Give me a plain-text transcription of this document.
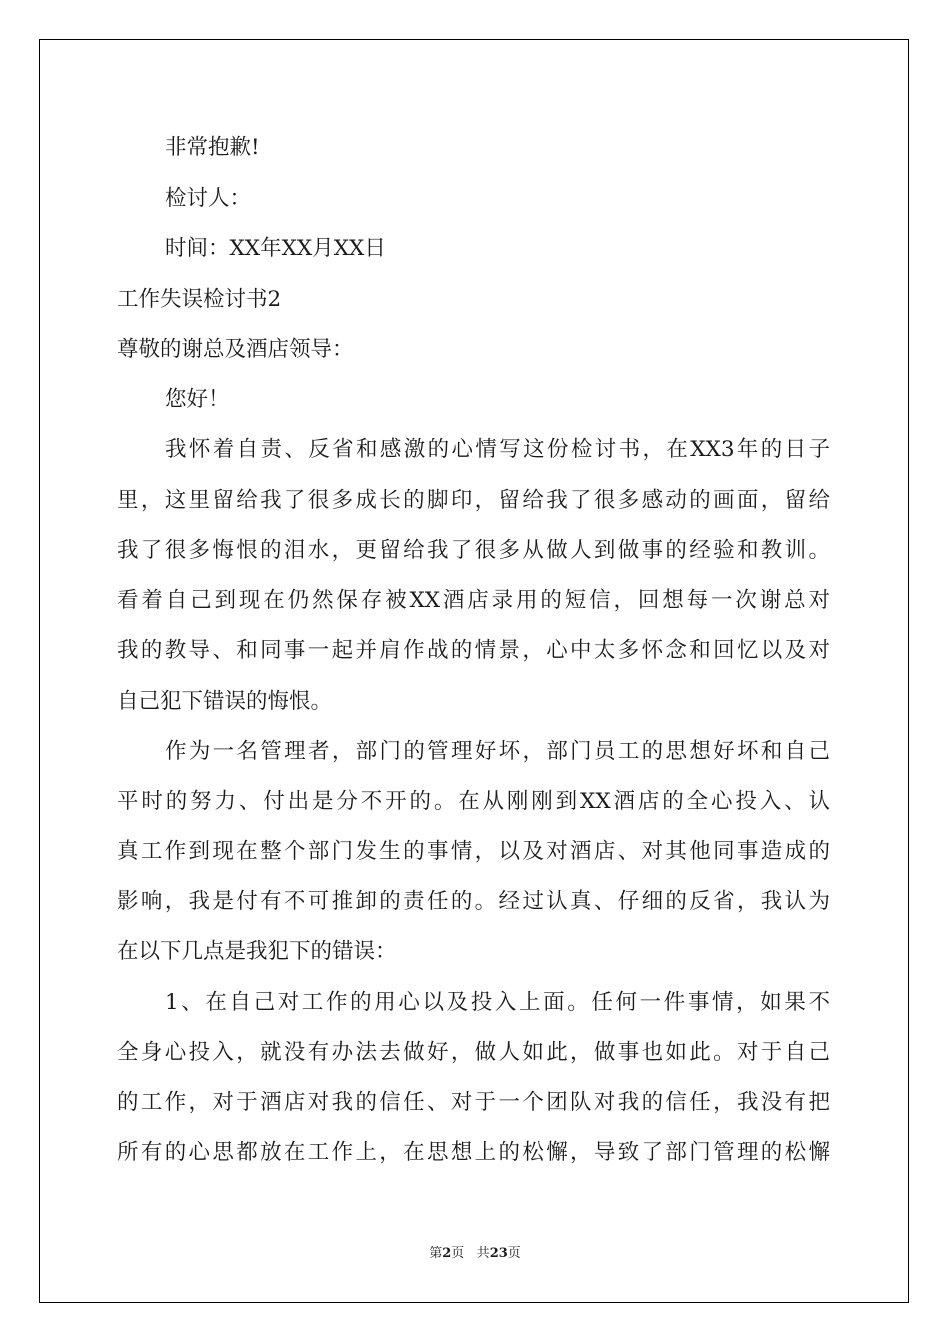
非常抱歉!

检讨人：

时间：XX年XX月XX日

工作失误检讨书2

尊敬的谢总及酒店领导：

您好！

我怀着自责、反省和感激的心情写这份检讨书，在XX3年的日子

里，这里留给我了很多成长的脚印，留给我了很多感动的画面，留给

我了很多悔恨的泪水，更留给我了很多从做人到做事的经验和教训。

看着自己到现在仍然保存被XX酒店录用的短信，回想每一次谢总对

我的教导、和同事一起并肩作战的情景，心中太多怀念和回忆以及对

自己犯下错误的悔恨。

作为一名管理者，部门的管理好坏，部门员工的思想好坏和自己

平时的努力、付出是分不开的。在从刚刚到XX酒店的全心投入、认

真工作到现在整个部门发生的事情，以及对酒店、对其他同事造成的

影响，我是付有不可推卸的责任的。经过认真、仔细的反省，我认为

在以下几点是我犯下的错误：

1、在自己对工作的用心以及投入上面。任何一件事情，如果不

全身心投入，就没有办法去做好，做人如此，做事也如此。对于自己

的工作，对于酒店对我的信任、对于一个团队对我的信任，我没有把

所有的心思都放在工作上，在思想上的松懈，导致了部门管理的松懈

第2页 共23页
